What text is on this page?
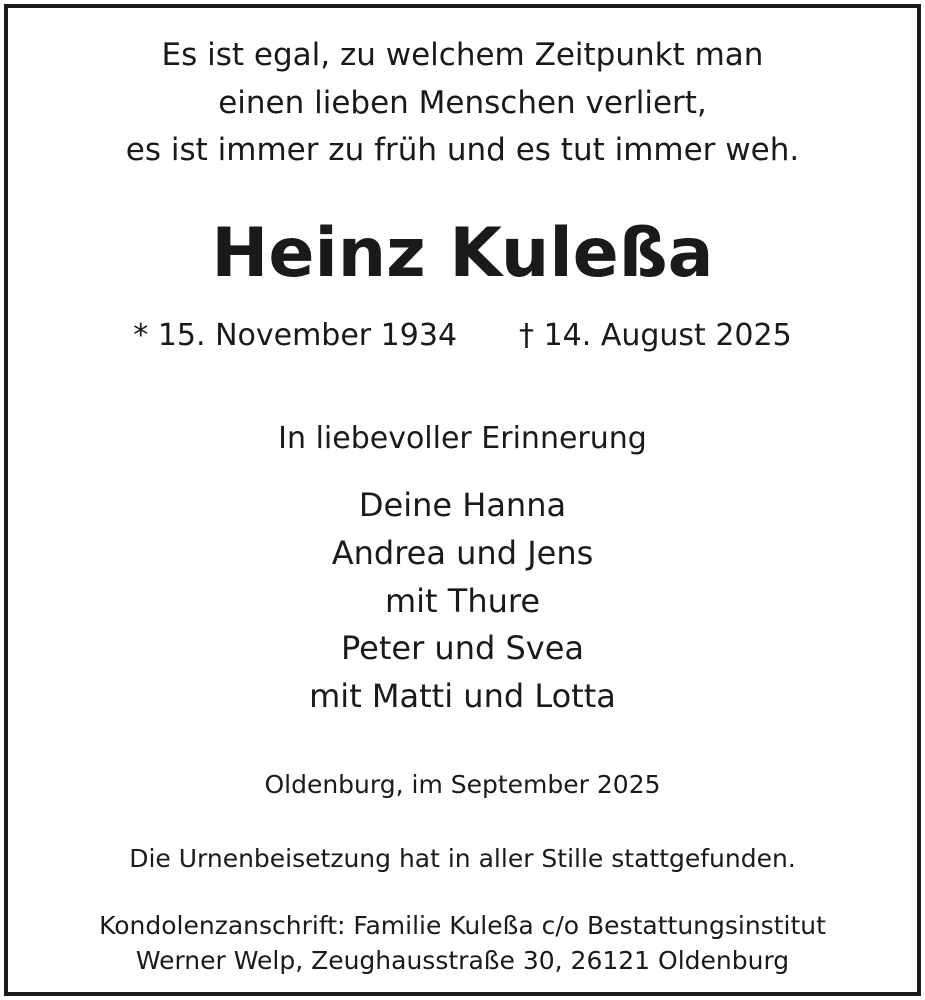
Es ist egal, zu welchem Zeitpunkt man
einen lieben Menschen verliert,
es ist immer zu früh und es tut immer weh.
Heinz Kuleßa
* 15. November 1934 † 14. August 2025
In liebevoller Erinnerung
Deine Hanna
Andrea und Jens
mit Thure
Peter und Svea
mit Matti und Lotta
Oldenburg, im September 2025
Die Urnenbeisetzung hat in aller Stille stattgefunden.
Kondolenzanschrift: Familie Kuleßa c/o Bestattungsinstitut
Werner Welp, Zeughausstraße 30, 26121 Oldenburg
